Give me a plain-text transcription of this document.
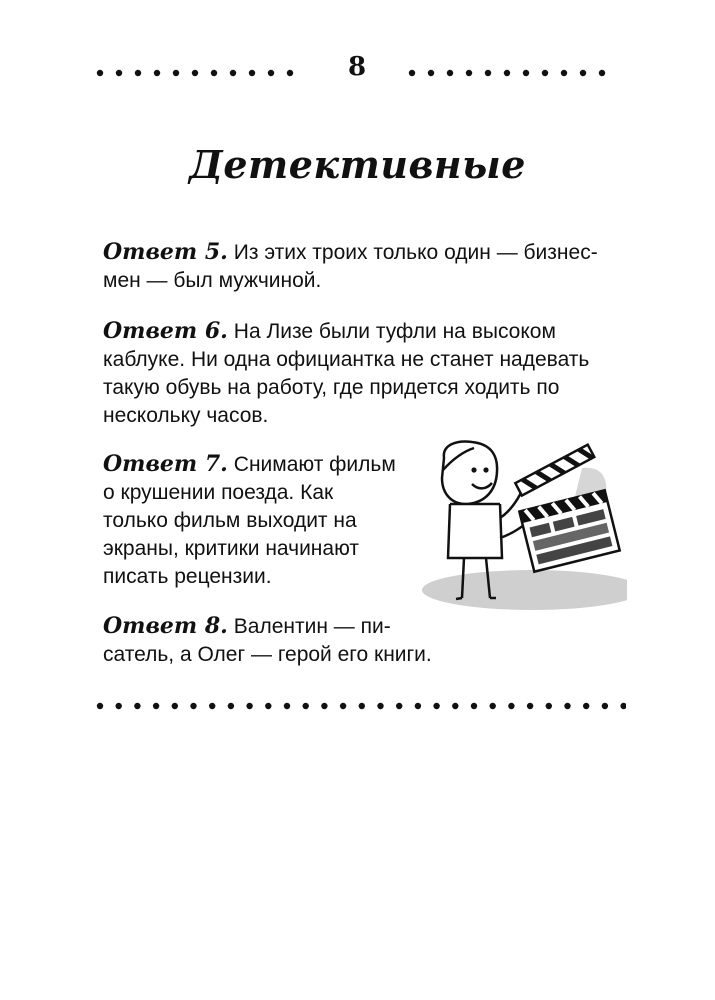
8
Детективные
Ответ 5. Из этих троих только один — бизнес-
мен — был мужчиной.
Ответ 6. На Лизе были туфли на высоком
каблуке. Ни одна официантка не станет надевать
такую обувь на работу, где придется ходить по
нескольку часов.
Ответ 7. Снимают фильм
о крушении поезда. Как
только фильм выходит на
экраны, критики начинают
писать рецензии.
Ответ 8. Валентин — пи-
сатель, а Олег — герой его книги.
